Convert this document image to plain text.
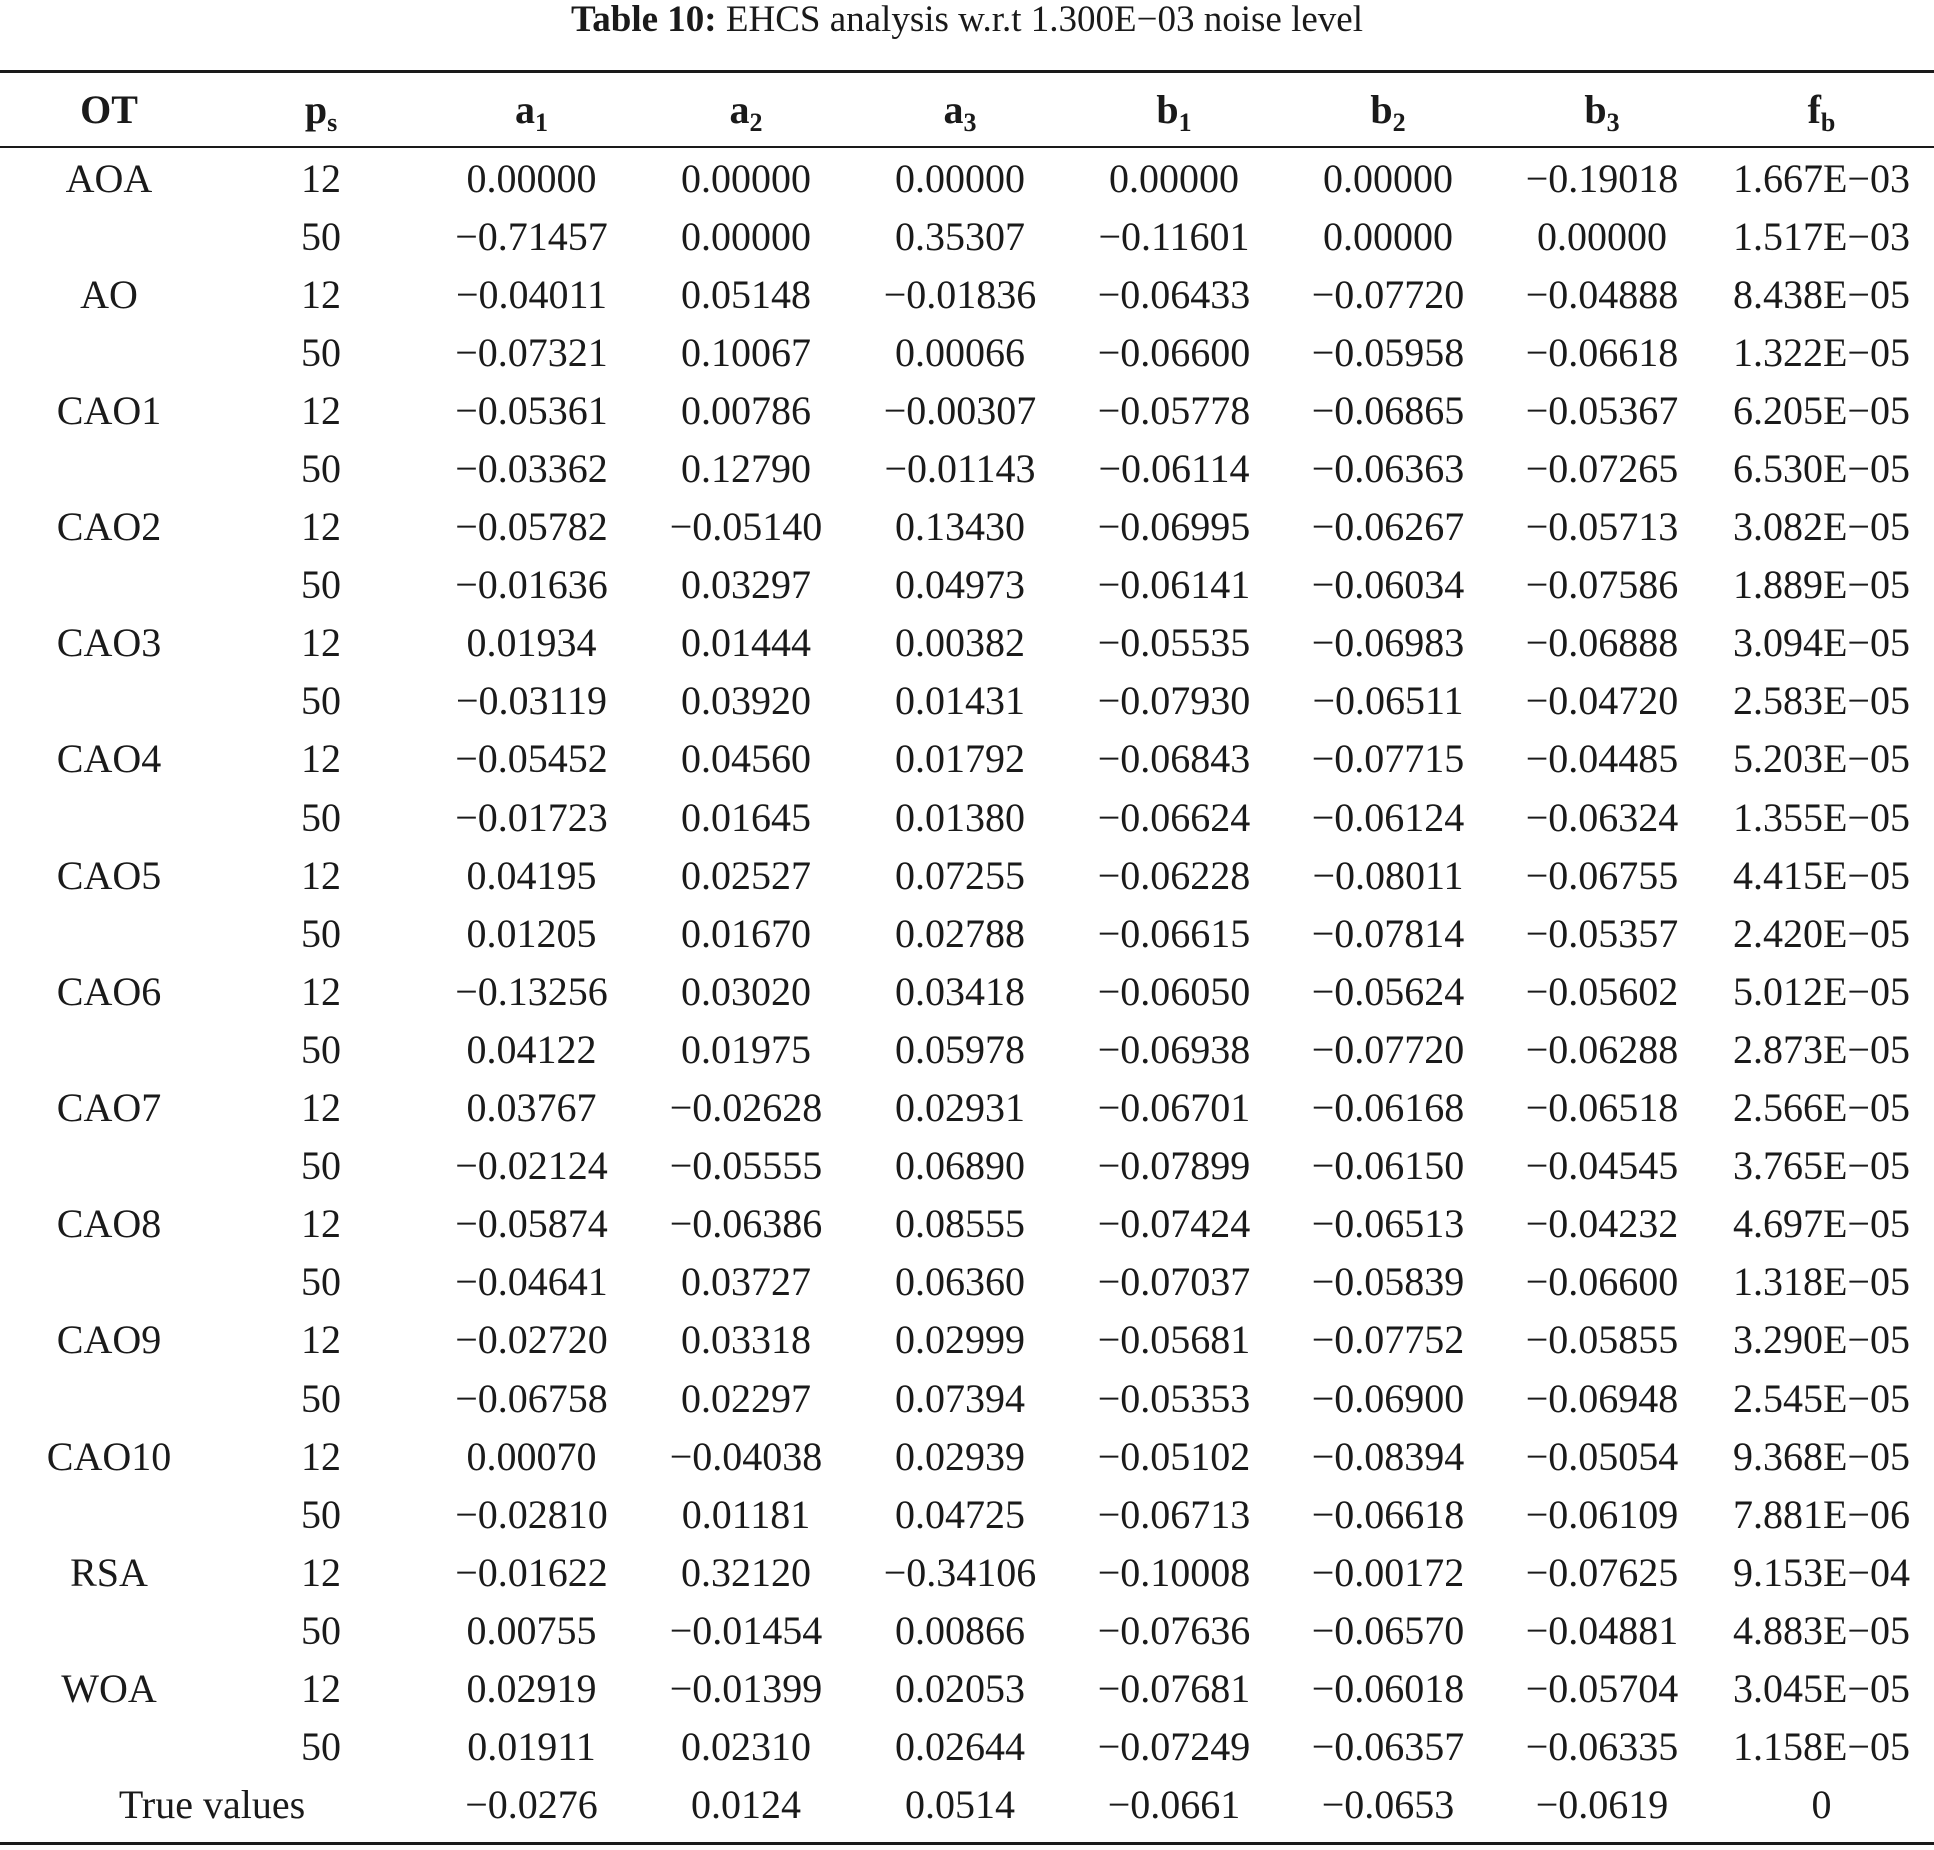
Table 10: EHCS analysis w.r.t 1.300E−03 noise level
OT	$p_s$	$a_1$	$a_2$	$a_3$	$b_1$	$b_2$	$b_3$	$f_b$
AOA	12	0.00000	0.00000	0.00000	0.00000	0.00000	−0.19018	1.667E−03
	50	−0.71457	0.00000	0.35307	−0.11601	0.00000	0.00000	1.517E−03
AO	12	−0.04011	0.05148	−0.01836	−0.06433	−0.07720	−0.04888	8.438E−05
	50	−0.07321	0.10067	0.00066	−0.06600	−0.05958	−0.06618	1.322E−05
CAO1	12	−0.05361	0.00786	−0.00307	−0.05778	−0.06865	−0.05367	6.205E−05
	50	−0.03362	0.12790	−0.01143	−0.06114	−0.06363	−0.07265	6.530E−05
CAO2	12	−0.05782	−0.05140	0.13430	−0.06995	−0.06267	−0.05713	3.082E−05
	50	−0.01636	0.03297	0.04973	−0.06141	−0.06034	−0.07586	1.889E−05
CAO3	12	0.01934	0.01444	0.00382	−0.05535	−0.06983	−0.06888	3.094E−05
	50	−0.03119	0.03920	0.01431	−0.07930	−0.06511	−0.04720	2.583E−05
CAO4	12	−0.05452	0.04560	0.01792	−0.06843	−0.07715	−0.04485	5.203E−05
	50	−0.01723	0.01645	0.01380	−0.06624	−0.06124	−0.06324	1.355E−05
CAO5	12	0.04195	0.02527	0.07255	−0.06228	−0.08011	−0.06755	4.415E−05
	50	0.01205	0.01670	0.02788	−0.06615	−0.07814	−0.05357	2.420E−05
CAO6	12	−0.13256	0.03020	0.03418	−0.06050	−0.05624	−0.05602	5.012E−05
	50	0.04122	0.01975	0.05978	−0.06938	−0.07720	−0.06288	2.873E−05
CAO7	12	0.03767	−0.02628	0.02931	−0.06701	−0.06168	−0.06518	2.566E−05
	50	−0.02124	−0.05555	0.06890	−0.07899	−0.06150	−0.04545	3.765E−05
CAO8	12	−0.05874	−0.06386	0.08555	−0.07424	−0.06513	−0.04232	4.697E−05
	50	−0.04641	0.03727	0.06360	−0.07037	−0.05839	−0.06600	1.318E−05
CAO9	12	−0.02720	0.03318	0.02999	−0.05681	−0.07752	−0.05855	3.290E−05
	50	−0.06758	0.02297	0.07394	−0.05353	−0.06900	−0.06948	2.545E−05
CAO10	12	0.00070	−0.04038	0.02939	−0.05102	−0.08394	−0.05054	9.368E−05
	50	−0.02810	0.01181	0.04725	−0.06713	−0.06618	−0.06109	7.881E−06
RSA	12	−0.01622	0.32120	−0.34106	−0.10008	−0.00172	−0.07625	9.153E−04
	50	0.00755	−0.01454	0.00866	−0.07636	−0.06570	−0.04881	4.883E−05
WOA	12	0.02919	−0.01399	0.02053	−0.07681	−0.06018	−0.05704	3.045E−05
	50	0.01911	0.02310	0.02644	−0.07249	−0.06357	−0.06335	1.158E−05
True values		−0.0276	0.0124	0.0514	−0.0661	−0.0653	−0.0619	0
